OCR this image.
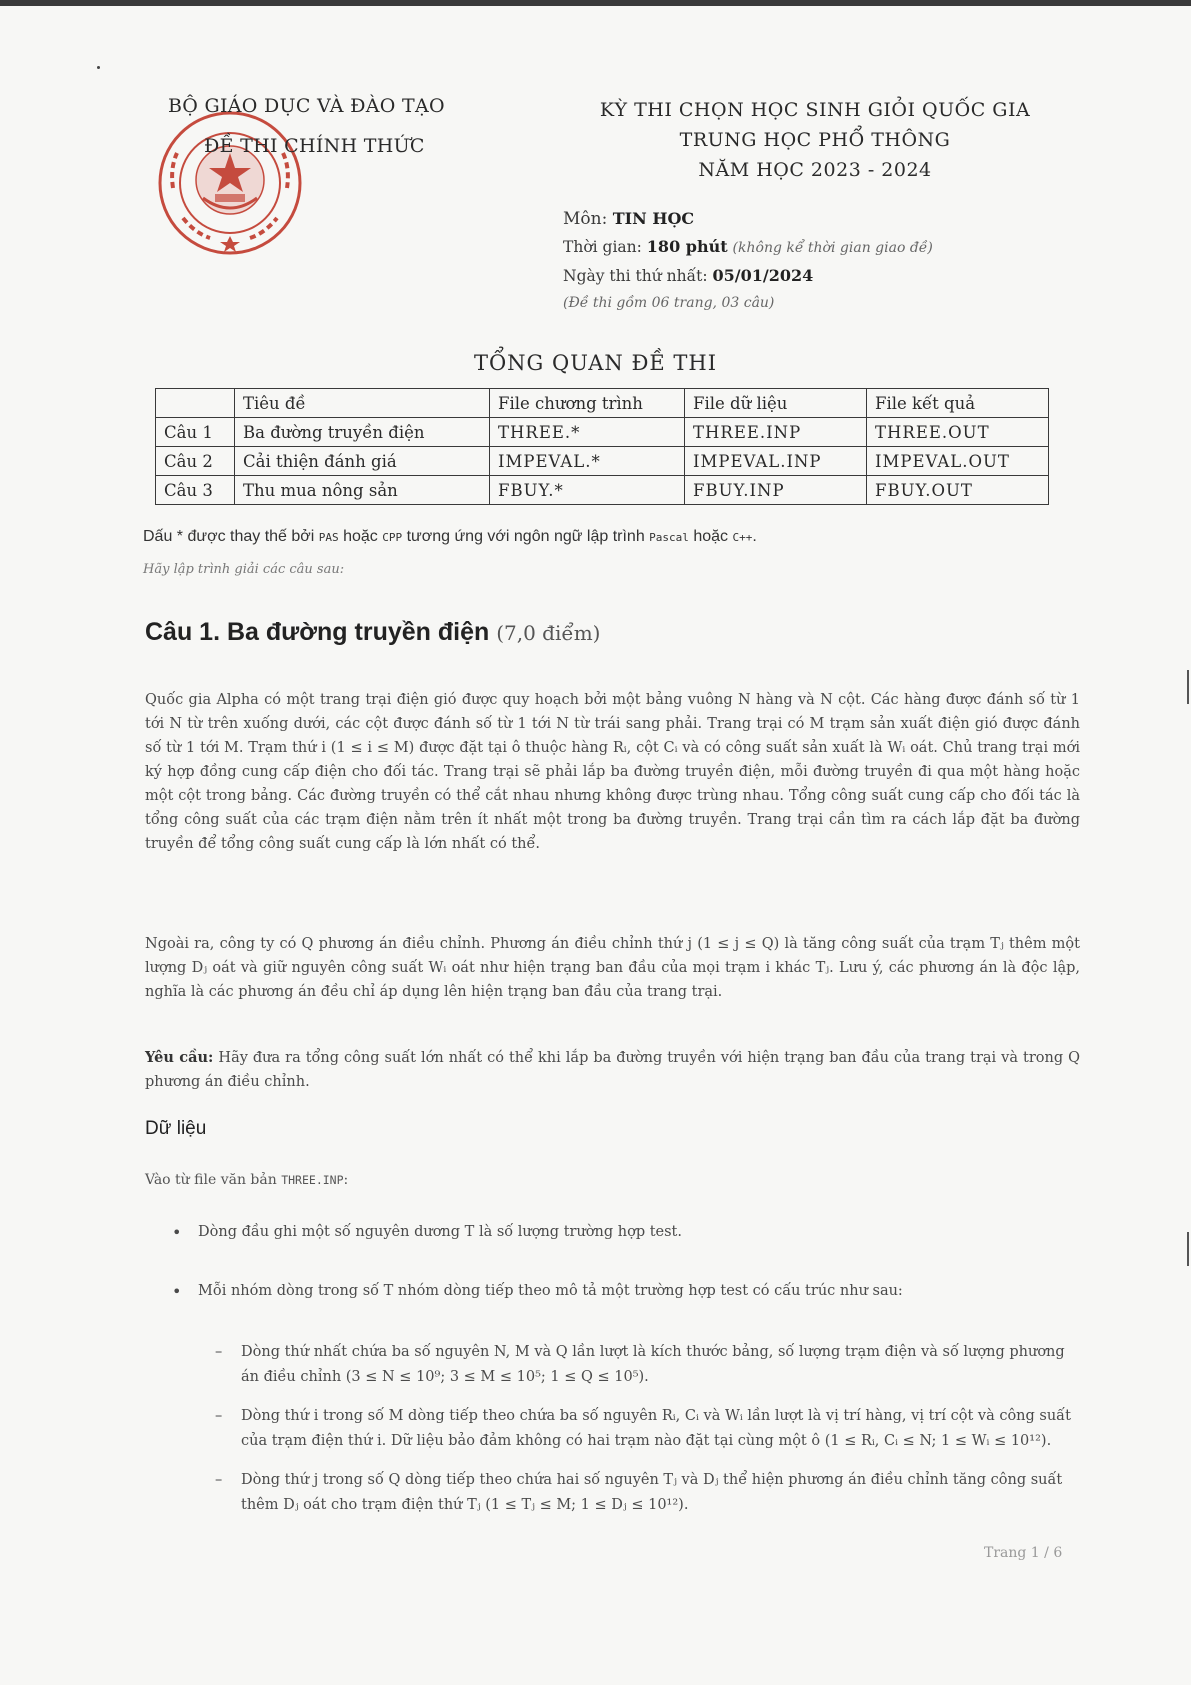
BỘ GIÁO DỤC VÀ ĐÀO TẠO
ĐỀ THI CHÍNH THỨC
KỲ THI CHỌN HỌC SINH GIỎI QUỐC GIA
TRUNG HỌC PHỔ THÔNG
NĂM HỌC 2023 - 2024
Môn: TIN HỌC
Thời gian: 180 phút (không kể thời gian giao đề)
Ngày thi thứ nhất: 05/01/2024
(Đề thi gồm 06 trang, 03 câu)
TỔNG QUAN ĐỀ THI
	Tiêu đề	File chương trình	File dữ liệu	File kết quả
Câu 1	Ba đường truyền điện	THREE.*	THREE.INP	THREE.OUT
Câu 2	Cải thiện đánh giá	IMPEVAL.*	IMPEVAL.INP	IMPEVAL.OUT
Câu 3	Thu mua nông sản	FBUY.*	FBUY.INP	FBUY.OUT
Dấu * được thay thế bởi PAS hoặc CPP tương ứng với ngôn ngữ lập trình Pascal hoặc C++.
Hãy lập trình giải các câu sau:
Câu 1. Ba đường truyền điện (7,0 điểm)
Quốc gia Alpha có một trang trại điện gió được quy hoạch bởi một bảng vuông N hàng và N cột. Các hàng được đánh số từ 1 tới N từ trên xuống dưới, các cột được đánh số từ 1 tới N từ trái sang phải. Trang trại có M trạm sản xuất điện gió được đánh số từ 1 tới M. Trạm thứ i (1 ≤ i ≤ M) được đặt tại ô thuộc hàng Rᵢ, cột Cᵢ và có công suất sản xuất là Wᵢ oát. Chủ trang trại mới ký hợp đồng cung cấp điện cho đối tác. Trang trại sẽ phải lắp ba đường truyền điện, mỗi đường truyền đi qua một hàng hoặc một cột trong bảng. Các đường truyền có thể cắt nhau nhưng không được trùng nhau. Tổng công suất cung cấp cho đối tác là tổng công suất của các trạm điện nằm trên ít nhất một trong ba đường truyền. Trang trại cần tìm ra cách lắp đặt ba đường truyền để tổng công suất cung cấp là lớn nhất có thể.
Ngoài ra, công ty có Q phương án điều chỉnh. Phương án điều chỉnh thứ j (1 ≤ j ≤ Q) là tăng công suất của trạm Tⱼ thêm một lượng Dⱼ oát và giữ nguyên công suất Wᵢ oát như hiện trạng ban đầu của mọi trạm i khác Tⱼ. Lưu ý, các phương án là độc lập, nghĩa là các phương án đều chỉ áp dụng lên hiện trạng ban đầu của trang trại.
Yêu cầu: Hãy đưa ra tổng công suất lớn nhất có thể khi lắp ba đường truyền với hiện trạng ban đầu của trang trại và trong Q phương án điều chỉnh.
Dữ liệu
Vào từ file văn bản THREE.INP:
• Dòng đầu ghi một số nguyên dương T là số lượng trường hợp test.
• Mỗi nhóm dòng trong số T nhóm dòng tiếp theo mô tả một trường hợp test có cấu trúc như sau:
– Dòng thứ nhất chứa ba số nguyên N, M và Q lần lượt là kích thước bảng, số lượng trạm điện và số lượng phương án điều chỉnh (3 ≤ N ≤ 10⁹; 3 ≤ M ≤ 10⁵; 1 ≤ Q ≤ 10⁵).
– Dòng thứ i trong số M dòng tiếp theo chứa ba số nguyên Rᵢ, Cᵢ và Wᵢ lần lượt là vị trí hàng, vị trí cột và công suất của trạm điện thứ i. Dữ liệu bảo đảm không có hai trạm nào đặt tại cùng một ô (1 ≤ Rᵢ, Cᵢ ≤ N; 1 ≤ Wᵢ ≤ 10¹²).
– Dòng thứ j trong số Q dòng tiếp theo chứa hai số nguyên Tⱼ và Dⱼ thể hiện phương án điều chỉnh tăng công suất thêm Dⱼ oát cho trạm điện thứ Tⱼ (1 ≤ Tⱼ ≤ M; 1 ≤ Dⱼ ≤ 10¹²).
Trang 1 / 6
